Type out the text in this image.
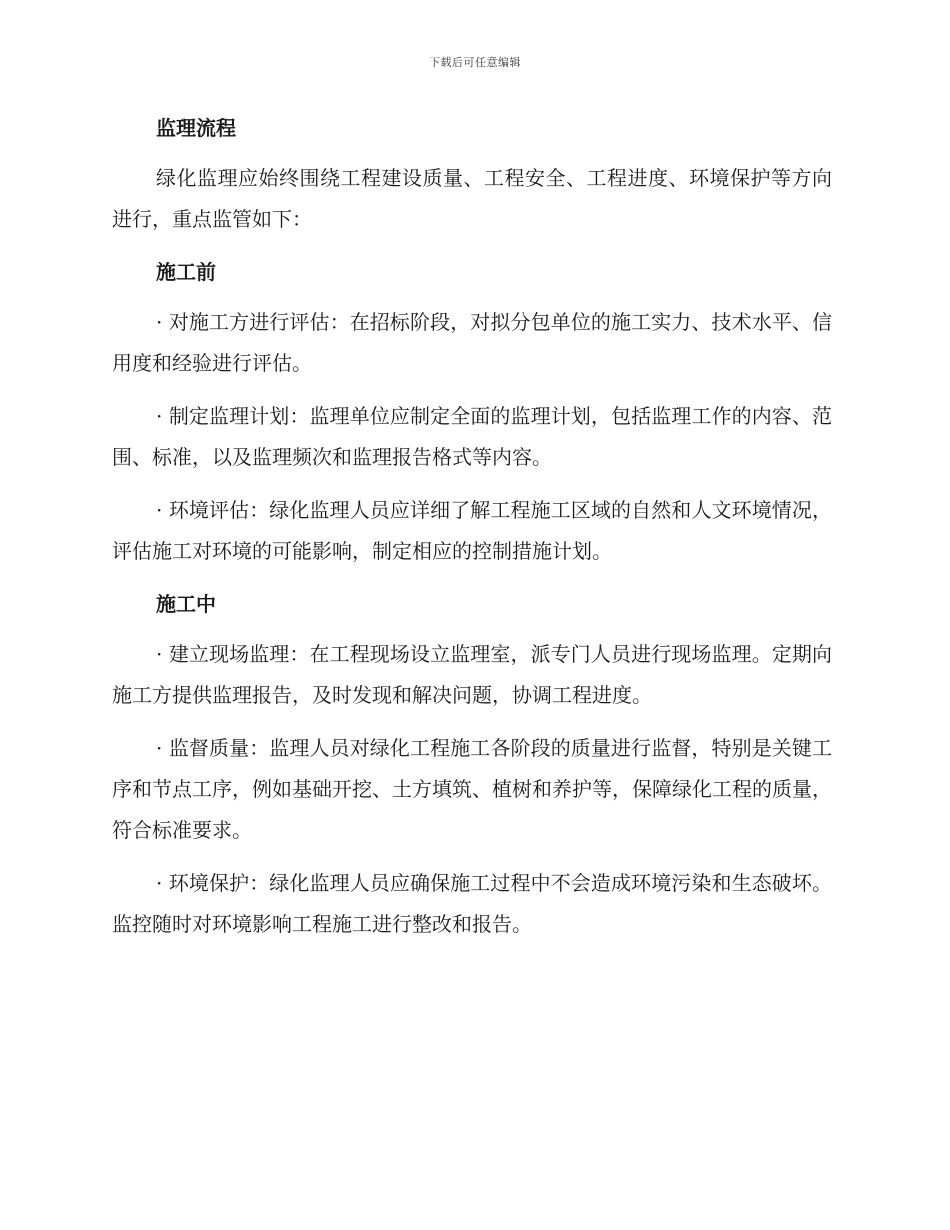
下载后可任意编辑
监理流程

绿化监理应始终围绕工程建设质量、工程安全、工程进度、环境保护等方向进行，重点监管如下：

施工前

· 对施工方进行评估：在招标阶段，对拟分包单位的施工实力、技术水平、信用度和经验进行评估。

· 制定监理计划：监理单位应制定全面的监理计划，包括监理工作的内容、范围、标准，以及监理频次和监理报告格式等内容。

· 环境评估：绿化监理人员应详细了解工程施工区域的自然和人文环境情况，评估施工对环境的可能影响，制定相应的控制措施计划。

施工中

· 建立现场监理：在工程现场设立监理室，派专门人员进行现场监理。定期向施工方提供监理报告，及时发现和解决问题，协调工程进度。

· 监督质量：监理人员对绿化工程施工各阶段的质量进行监督，特别是关键工序和节点工序，例如基础开挖、土方填筑、植树和养护等，保障绿化工程的质量，符合标准要求。

· 环境保护：绿化监理人员应确保施工过程中不会造成环境污染和生态破坏。监控随时对环境影响工程施工进行整改和报告。
